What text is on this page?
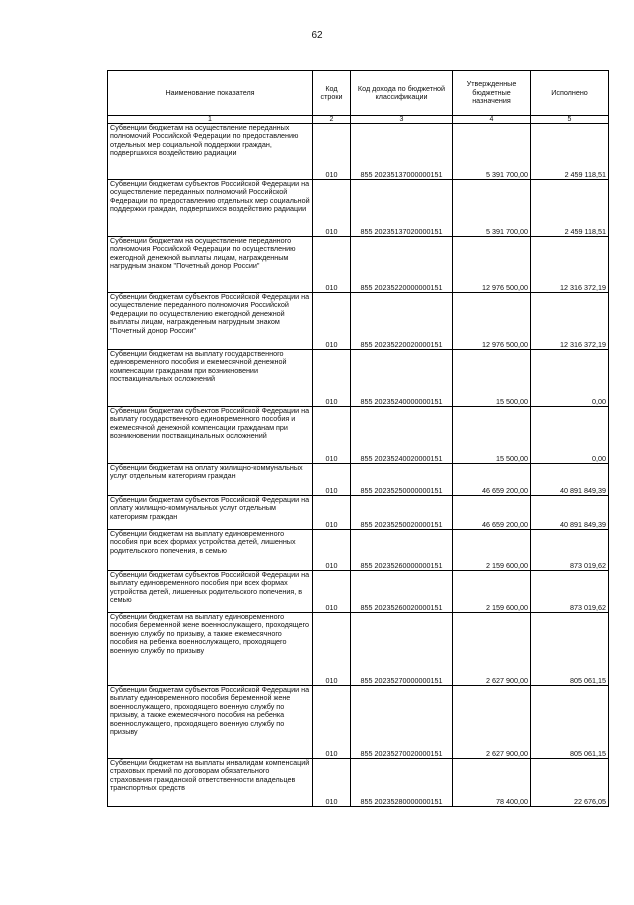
62
Наименование показателя	Код строки	Код дохода по бюджетной классификации	Утвержденные бюджетные назначения	Исполнено
1	2	3	4	5
Субвенции бюджетам на осуществление переданных полномочий Российской Федерации по предоставлению отдельных мер социальной поддержки граждан, подвергшихся воздействию радиации	010	855 20235137000000151	5 391 700,00	2 459 118,51
Субвенции бюджетам субъектов Российской Федерации на осуществление переданных полномочий Российской Федерации по предоставлению отдельных мер социальной поддержки граждан, подвергшихся воздействию радиации	010	855 20235137020000151	5 391 700,00	2 459 118,51
Субвенции бюджетам на осуществление переданного полномочия Российской Федерации по осуществлению ежегодной денежной выплаты лицам, награжденным нагрудным знаком "Почетный донор России"	010	855 20235220000000151	12 976 500,00	12 316 372,19
Субвенции бюджетам субъектов Российской Федерации на осуществление переданного полномочия Российской Федерации по осуществлению ежегодной денежной выплаты лицам, награжденным нагрудным знаком "Почетный донор России"	010	855 20235220020000151	12 976 500,00	12 316 372,19
Субвенции бюджетам на выплату государственного единовременного пособия и ежемесячной денежной компенсации гражданам при возникновении поствакцинальных осложнений	010	855 20235240000000151	15 500,00	0,00
Субвенции бюджетам субъектов Российской Федерации на выплату государственного единовременного пособия и ежемесячной денежной компенсации гражданам при возникновении поствакцинальных осложнений	010	855 20235240020000151	15 500,00	0,00
Субвенции бюджетам на оплату жилищно-коммунальных услуг отдельным категориям граждан	010	855 20235250000000151	46 659 200,00	40 891 849,39
Субвенции бюджетам субъектов Российской Федерации на оплату жилищно-коммунальных услуг отдельным категориям граждан	010	855 20235250020000151	46 659 200,00	40 891 849,39
Субвенции бюджетам на выплату единовременного пособия при всех формах устройства детей, лишенных родительского попечения, в семью	010	855 20235260000000151	2 159 600,00	873 019,62
Субвенции бюджетам субъектов Российской Федерации на выплату единовременного пособия при всех формах устройства детей, лишенных родительского попечения, в семью	010	855 20235260020000151	2 159 600,00	873 019,62
Субвенции бюджетам на выплату единовременного пособия беременной жене военнослужащего, проходящего военную службу по призыву, а также ежемесячного пособия на ребенка военнослужащего, проходящего военную службу по призыву	010	855 20235270000000151	2 627 900,00	805 061,15
Субвенции бюджетам субъектов Российской Федерации на выплату единовременного пособия беременной жене военнослужащего, проходящего военную службу по призыву, а также ежемесячного пособия на ребенка военнослужащего, проходящего военную службу по призыву	010	855 20235270020000151	2 627 900,00	805 061,15
Субвенции бюджетам на выплаты инвалидам компенсаций страховых премий по договорам обязательного страхования гражданской ответственности владельцев транспортных средств	010	855 20235280000000151	78 400,00	22 676,05
